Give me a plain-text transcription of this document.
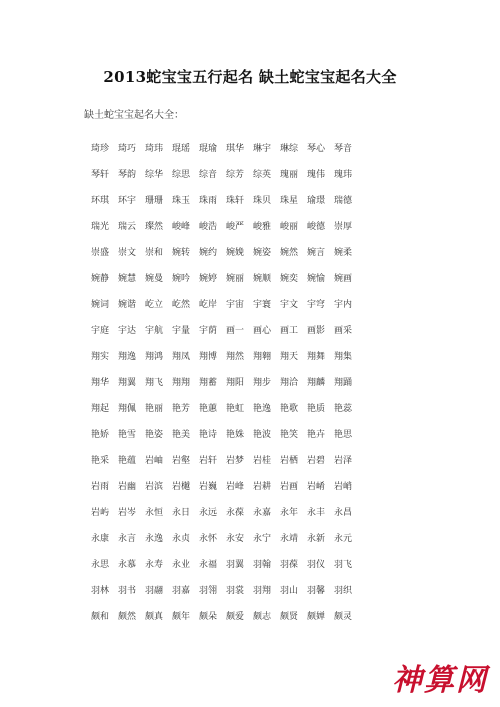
2013蛇宝宝五行起名 缺土蛇宝宝起名大全
缺土蛇宝宝起名大全：
琦珍 琦巧 琦玮 琨瑶 琨瑜 琪华 琳宇 琳综 琴心 琴音
琴轩 琴韵 综华 综思 综音 综芳 综英 瑰丽 瑰伟 瑰玮
环琪 环宇 珊珊 珠玉 珠雨 珠轩 珠贝 珠星 瑜璟 瑞德
瑞光 瑞云 璨然 峻峰 峻浩 峻严 峻雅 峻丽 峻德 崇厚
崇盛 崇文 崇和 婉转 婉约 婉娩 婉姿 婉然 婉言 婉柔
婉静 婉慧 婉曼 婉吟 婉婷 婉丽 婉顺 婉奕 婉愉 婉画
婉词 婉谐 屹立 屹然 屹岸 宇宙 宇寰 宇文 宇穹 宇内
宇庭 宇达 宇航 宇量 宇荫 画一 画心 画工 画影 画采
翔实 翔逸 翔鸿 翔凤 翔博 翔然 翔翱 翔天 翔舞 翔集
翔华 翔翼 翔飞 翔翔 翔蓄 翔阳 翔步 翔洽 翔麟 翔踊
翔起 翔佩 艳丽 艳芳 艳蕙 艳虹 艳逸 艳歌 艳质 艳蕊
艳娇 艳雪 艳姿 艳美 艳诗 艳姝 艳波 艳笑 艳卉 艳思
艳采 艳蕴 岩岫 岩壑 岩轩 岩梦 岩桂 岩栖 岩碧 岩泽
岩雨 岩幽 岩滨 岩樾 岩巍 岩峰 岩耕 岩画 岩崤 岩峭
岩屿 岩岑 永恒 永日 永远 永葆 永嘉 永年 永丰 永昌
永康 永言 永逸 永贞 永怀 永安 永宁 永靖 永新 永元
永思 永慕 永寿 永业 永福 羽翼 羽翰 羽葆 羽仪 羽飞
羽林 羽书 羽翮 羽嘉 羽翎 羽裳 羽翔 羽山 羽馨 羽织
颇和 颇然 颇真 颇年 颇朵 颇爱 颇志 颇贤 颇婵 颇灵
神算网
